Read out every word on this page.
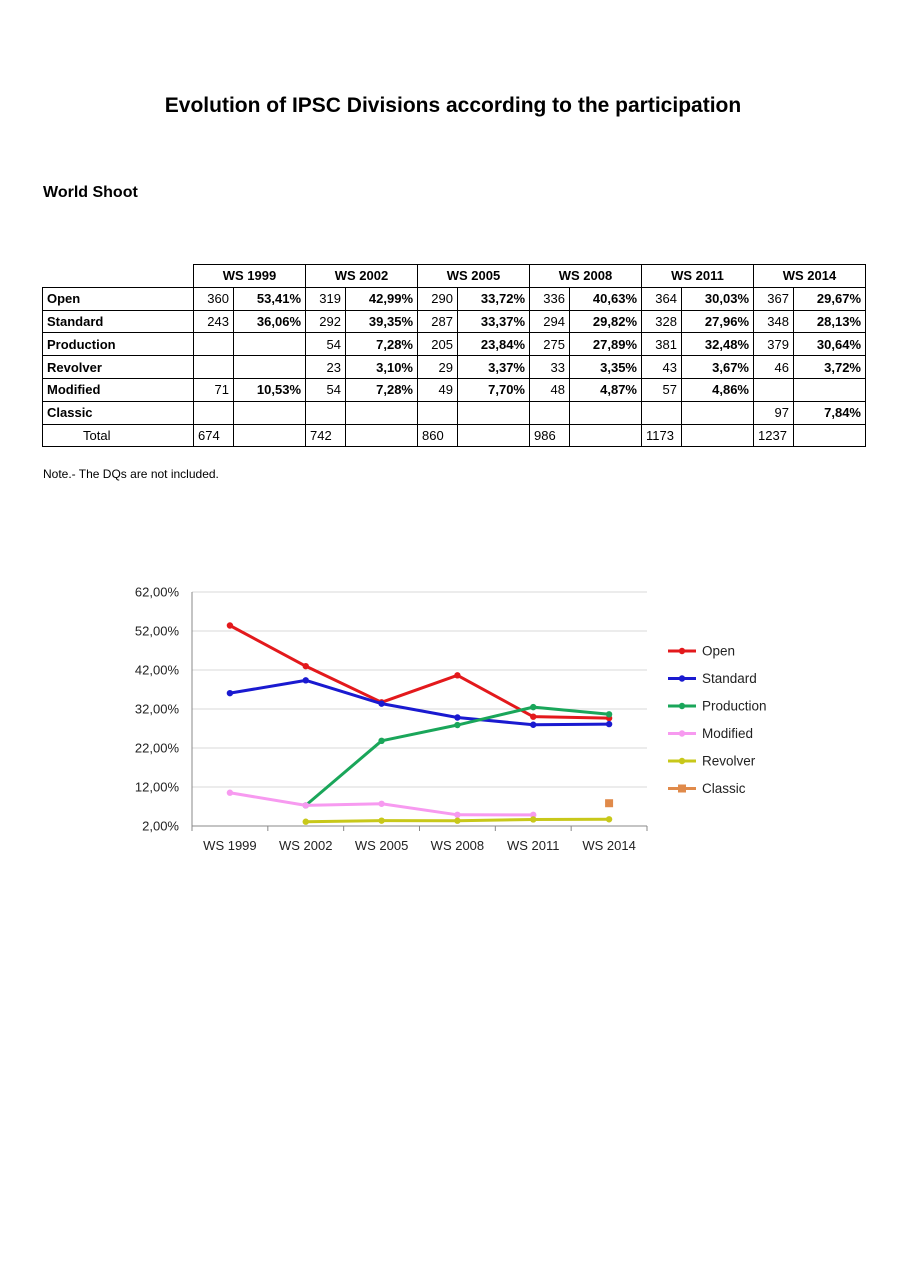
Evolution of IPSC Divisions according to the participation
World Shoot
	WS 1999		WS 2002		WS 2005		WS 2008		WS 2011		WS 2014	
Open	360	53,41%	319	42,99%	290	33,72%	336	40,63%	364	30,03%	367	29,67%
Standard	243	36,06%	292	39,35%	287	33,37%	294	29,82%	328	27,96%	348	28,13%
Production			54	7,28%	205	23,84%	275	27,89%	381	32,48%	379	30,64%
Revolver			23	3,10%	29	3,37%	33	3,35%	43	3,67%	46	3,72%
Modified	71	10,53%	54	7,28%	49	7,70%	48	4,87%	57	4,86%		
Classic											97	7,84%
Total	674		742		860		986		1173		1237	
Note.- The DQs are not included.
62,00%
52,00%
42,00%
32,00%
22,00%
12,00%
2,00%
WS 1999 WS 2002 WS 2005 WS 2008 WS 2011 WS 2014
Open
Standard
Production
Modified
Revolver
Classic
